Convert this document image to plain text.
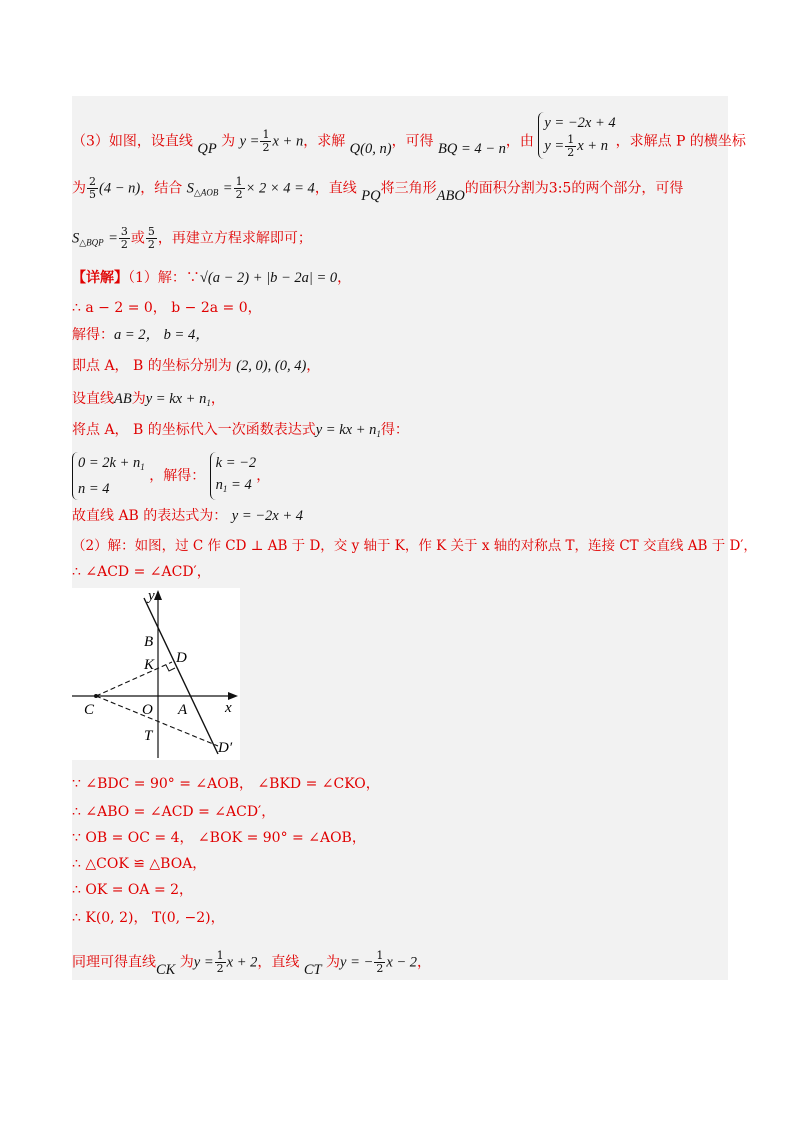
（3）如图，设直线 QP 为 $y = \frac{1}{2}$ x + n，求解 Q(0, n)，可得 BQ = 4 − n，由
y = −2x + 4
$y = \frac{1}{2}$ x + n ，求解点 P 的横坐标
为 $\frac{2}{5} (4 - n)$，结合 $S_{\triangle AOB} = \frac{1}{2} \times 2 \times 4 = 4$，直线 PQ将三角形ABO的面积分割为3:5的两个部分，可得
$S_{\triangle BQP} = \frac{3}{2}$ 或 $\frac{5}{2}$ ，再建立方程求解即可；
【详解】（1）解：∵√(a − 2) + |b − 2a| = 0，
∴ a − 2 = 0， b − 2a = 0，
解得：a = 2， b = 4，
即点 A， B 的坐标分别为 (2, 0), (0, 4)，
设直线AB为y = kx + $n_1$，
将点 A， B 的坐标代入一次函数表达式y = kx + $n_1$得：
$0 = 2k + n_1$
n = 4
，解得：
k = −2
$n_1 = 4$
，
故直线 AB 的表达式为： y = −2x + 4
（2）解：如图，过 C 作 CD ⊥ AB 于 D，交 y 轴于 K，作 K 关于 x 轴的对称点 T，连接 CT 交直线 AB 于 D′，
∴ ∠ACD = ∠ACD′，
y
x
B
K D
C	O A
T
D′
∵ ∠BDC = 90° = ∠AOB， ∠BKD = ∠CKO，
∴ ∠ABO = ∠ACD = ∠ACD′，
∵ OB = OC = 4， ∠BOK = 90° = ∠AOB，
∴ △COK ≌ △BOA，
∴ OK = OA = 2，
∴ K(0, 2)， T(0, −2)，
同理可得直线CK 为$y = \frac{1}{2}$ x + 2，直线 CT 为y = − $\frac{1}{2}$ x − 2，
